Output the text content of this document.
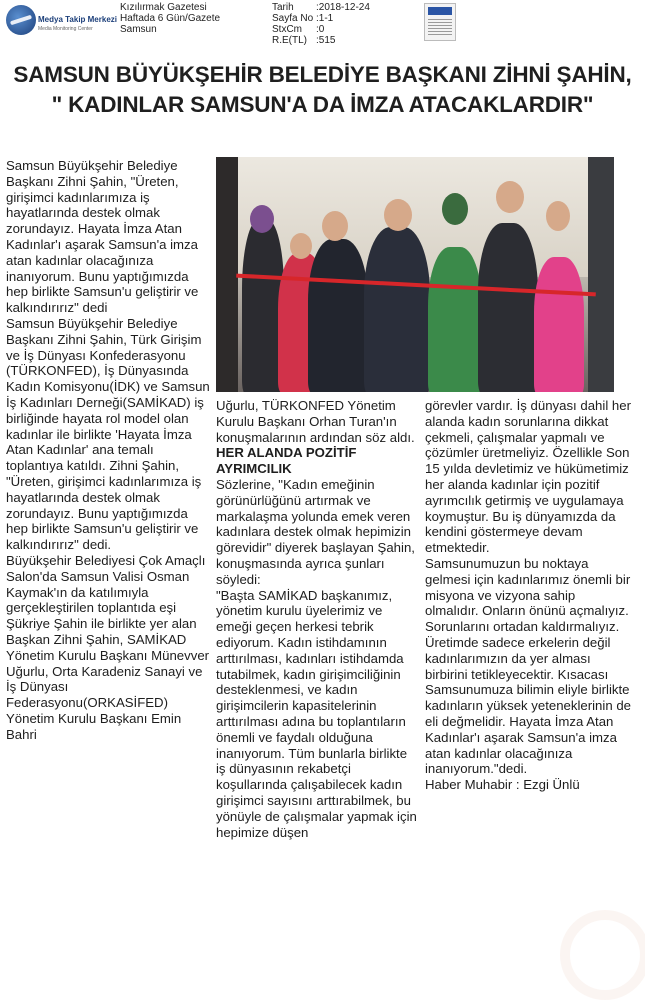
Medya Takip Merkezi
Media Monitoring Center
Kızılırmak Gazetesi
Haftada 6 Gün/Gazete
Samsun
Tarih :2018-12-24
Sayfa No :1-1
StxCm :0
R.E(TL) :515
SAMSUN BÜYÜKŞEHİR BELEDİYE BAŞKANI ZİHNİ ŞAHİN,
" KADINLAR SAMSUN'A DA İMZA ATACAKLARDIR"

Samsun Büyükşehir Belediye Başkanı Zihni Şahin, "Üreten, girişimci kadınlarımıza iş hayatlarında destek olmak zorundayız. Hayata İmza Atan Kadınlar'ı aşarak Samsun'a imza atan kadınlar olacağınıza inanıyorum. Bunu yaptığımızda hep birlikte Samsun'u geliştirir ve kalkındırırız" dedi

Samsun Büyükşehir Belediye Başkanı Zihni Şahin, Türk Girişim ve İş Dünyası Konfederasyonu (TÜRKONFED), İş Dünyasında Kadın Komisyonu(İDK) ve Samsun İş Kadınları Derneği(SAMİKAD) iş birliğinde hayata rol model olan kadınlar ile birlikte 'Hayata İmza Atan Kadınlar' ana temalı toplantıya katıldı. Zihni Şahin, "Üreten, girişimci kadınlarımıza iş hayatlarında destek olmak zorundayız. Bunu yaptığımızda hep birlikte Samsun'u geliştirir ve kalkındırırız" dedi.

Büyükşehir Belediyesi Çok Amaçlı Salon'da Samsun Valisi Osman Kaymak'ın da katılımıyla gerçekleştirilen toplantıda eşi Şükriye Şahin ile birlikte yer alan Başkan Zihni Şahin, SAMİKAD Yönetim Kurulu Başkanı Münevver Uğurlu, Orta Karadeniz Sanayi ve İş Dünyası Federasyonu(ORKASİFED) Yönetim Kurulu Başkanı Emin Bahri

Uğurlu, TÜRKONFED Yönetim Kurulu Başkanı Orhan Turan'ın konuşmalarının ardından söz aldı.

HER ALANDA POZİTİF AYRIMCILIK

Sözlerine, "Kadın emeğinin görünürlüğünü artırmak ve markalaşma yolunda emek veren kadınlara destek olmak hepimizin görevidir" diyerek başlayan Şahin, konuşmasında ayrıca şunları söyledi:

"Başta SAMİKAD başkanımız, yönetim kurulu üyelerimiz ve emeği geçen herkesi tebrik ediyorum. Kadın istihdamının arttırılması, kadınları istihdamda tutabilmek, kadın girişimciliğinin desteklenmesi, ve kadın girişimcilerin kapasitelerinin arttırılması adına bu toplantıların önemli ve faydalı olduğuna inanıyorum. Tüm bunlarla birlikte iş dünyasının rekabetçi koşullarında çalışabilecek kadın girişimci sayısını arttırabilmek, bu yönüyle de çalışmalar yapmak için hepimize düşen

görevler vardır. İş dünyası dahil her alanda kadın sorunlarına dikkat çekmeli, çalışmalar yapmalı ve çözümler üretmeliyiz. Özellikle Son 15 yılda devletimiz ve hükümetimiz her alanda kadınlar için pozitif ayrımcılık getirmiş ve uygulamaya koymuştur. Bu iş dünyamızda da kendini göstermeye devam etmektedir.

Samsunumuzun bu noktaya gelmesi için kadınlarımız önemli bir misyona ve vizyona sahip olmalıdır. Onların önünü açmalıyız. Sorunlarını ortadan kaldırmalıyız. Üretimde sadece erkelerin değil kadınlarımızın da yer alması birbirini tetikleyecektir. Kısacası Samsunumuza bilimin eliyle birlikte kadınların yüksek yeteneklerinin de eli değmelidir. Hayata İmza Atan Kadınlar'ı aşarak Samsun'a imza atan kadınlar olacağınıza inanıyorum."dedi.

Haber Muhabir : Ezgi Ünlü
